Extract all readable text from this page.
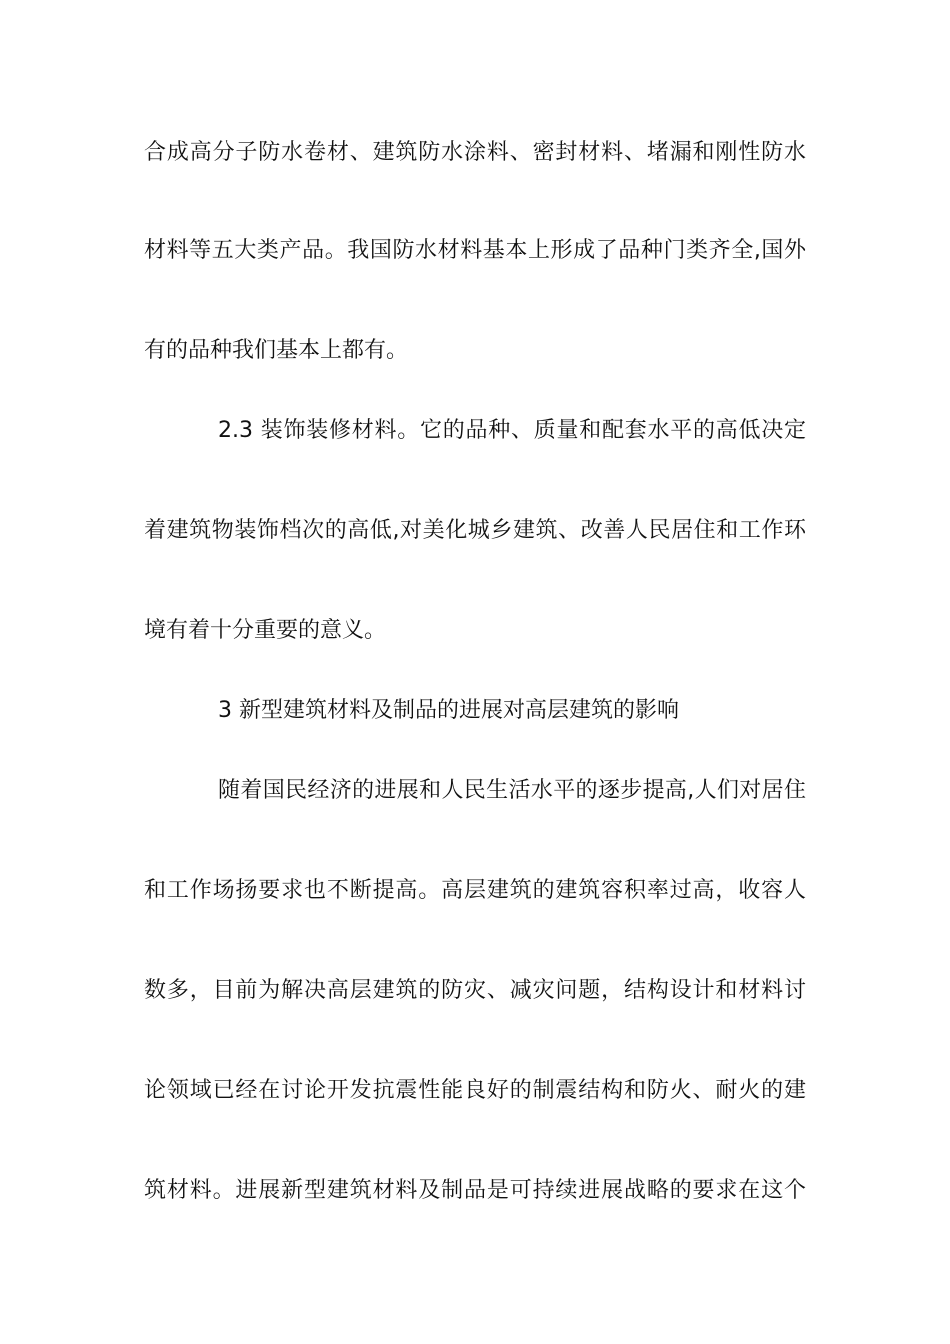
合成高分子防水卷材、建筑防水涂料、密封材料、堵漏和刚性防水
材料等五大类产品。我国防水材料基本上形成了品种门类齐全,国外
有的品种我们基本上都有。
2.3 装饰装修材料。它的品种、质量和配套水平的高低决定
着建筑物装饰档次的高低,对美化城乡建筑、改善人民居住和工作环
境有着十分重要的意义。
3 新型建筑材料及制品的进展对高层建筑的影响
随着国民经济的进展和人民生活水平的逐步提高,人们对居住
和工作场扬要求也不断提高。高层建筑的建筑容积率过高，收容人
数多，目前为解决高层建筑的防灾、减灾问题，结构设计和材料讨
论领域已经在讨论开发抗震性能良好的制震结构和防火、耐火的建
筑材料。进展新型建筑材料及制品是可持续进展战略的要求在这个
